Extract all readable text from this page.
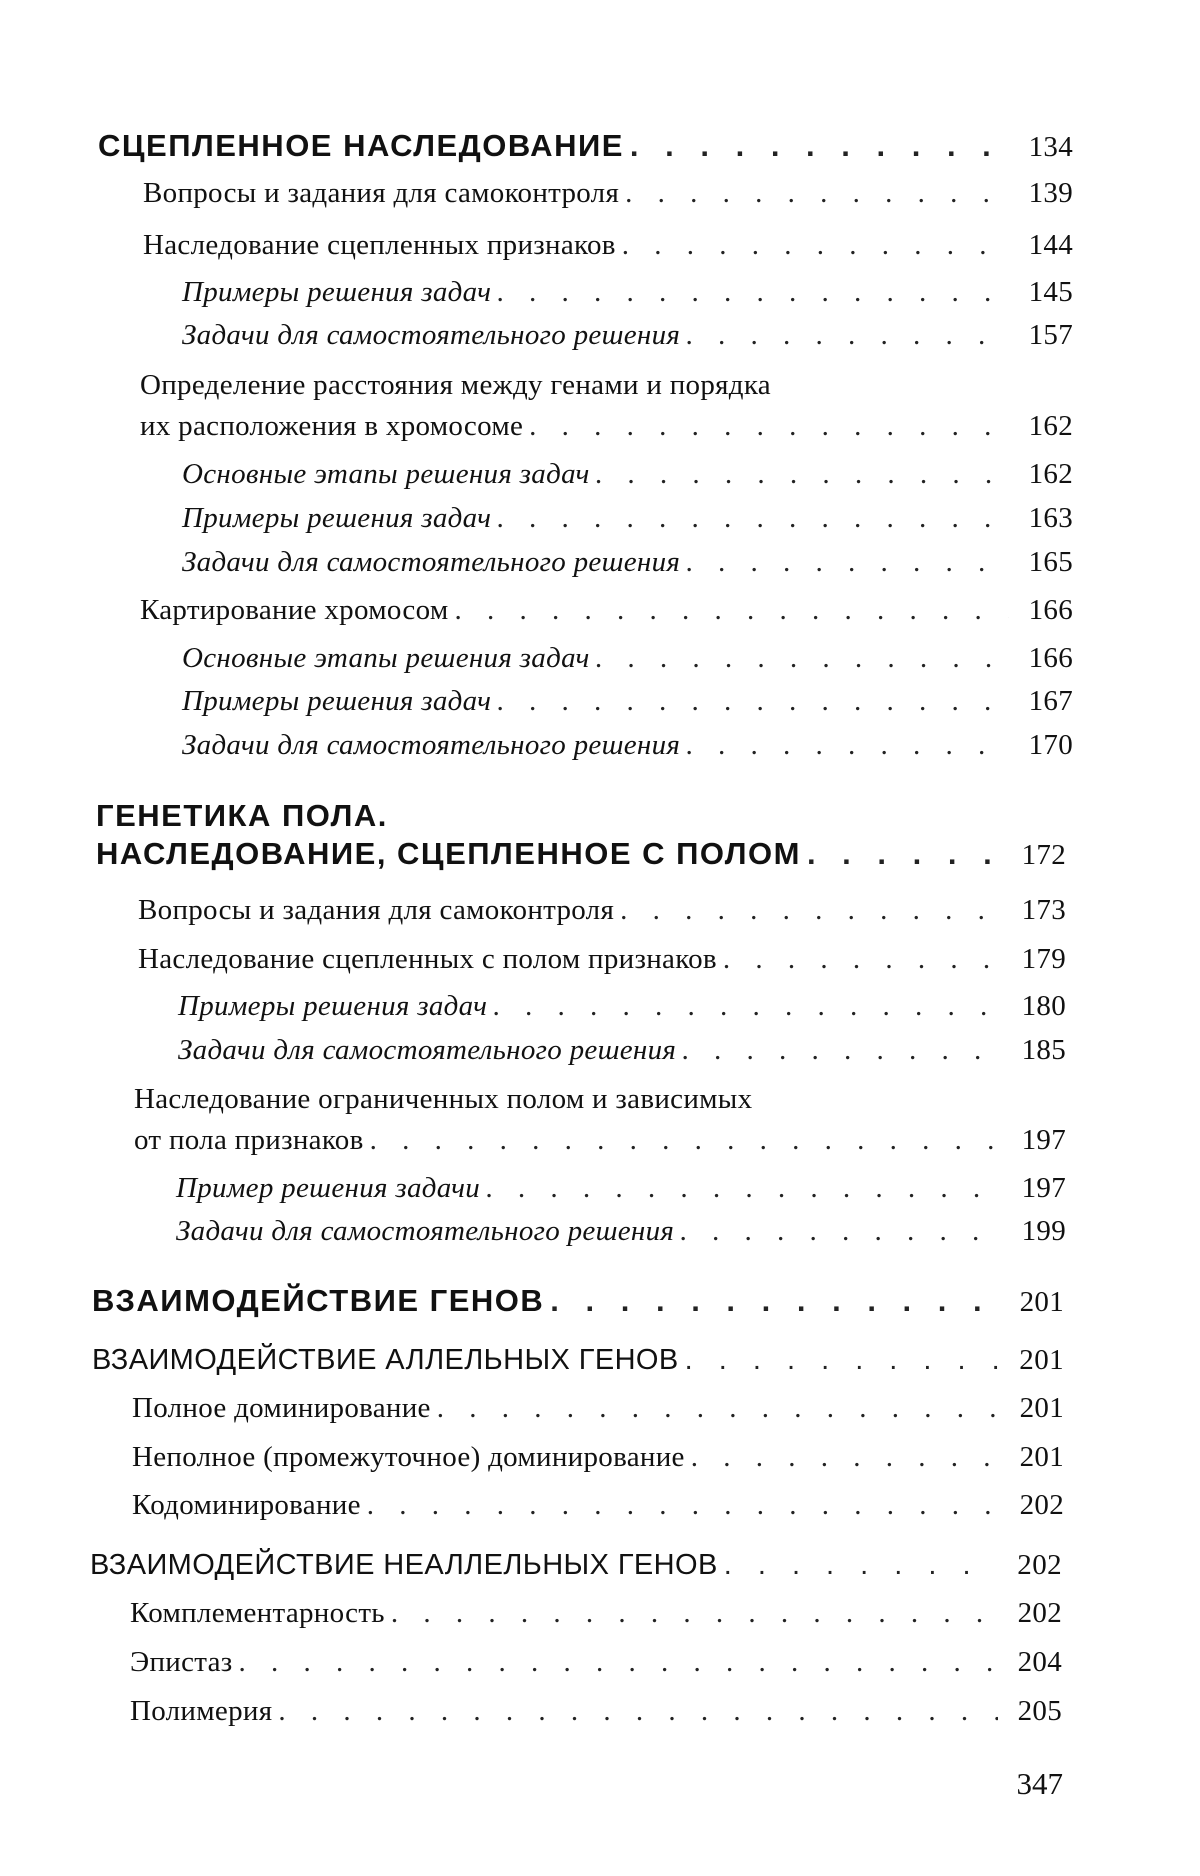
СЦЕПЛЕННОЕ НАСЛЕДОВАНИЕ . . .	134
Вопросы и задания для самоконтроля . . .	139
Наследование сцепленных признаков . . .	144
Примеры решения задач . . .	145
Задачи для самостоятельного решения . . .	157
Определение расстояния между генами и порядка
их расположения в хромосоме . . .	162
Основные этапы решения задач . . .	162
Примеры решения задач . . .	163
Задачи для самостоятельного решения . . .	165
Картирование хромосом . . .	166
Основные этапы решения задач . . .	166
Примеры решения задач . . .	167
Задачи для самостоятельного решения . . .	170
ГЕНЕТИКА ПОЛА.
НАСЛЕДОВАНИЕ, СЦЕПЛЕННОЕ С ПОЛОМ . . .	172
Вопросы и задания для самоконтроля . . .	173
Наследование сцепленных с полом признаков . . .	179
Примеры решения задач . . .	180
Задачи для самостоятельного решения . . .	185
Наследование ограниченных полом и зависимых
от пола признаков . . .	197
Пример решения задачи . . .	197
Задачи для самостоятельного решения . . .	199
ВЗАИМОДЕЙСТВИЕ ГЕНОВ . . .	201
ВЗАИМОДЕЙСТВИЕ АЛЛЕЛЬНЫХ ГЕНОВ . . .	201
Полное доминирование . . .	201
Неполное (промежуточное) доминирование . . .	201
Кодоминирование . . .	202
ВЗАИМОДЕЙСТВИЕ НЕАЛЛЕЛЬНЫХ ГЕНОВ . . .	202
Комплементарность . . .	202
Эпистаз . . .	204
Полимерия . . .	205
347
